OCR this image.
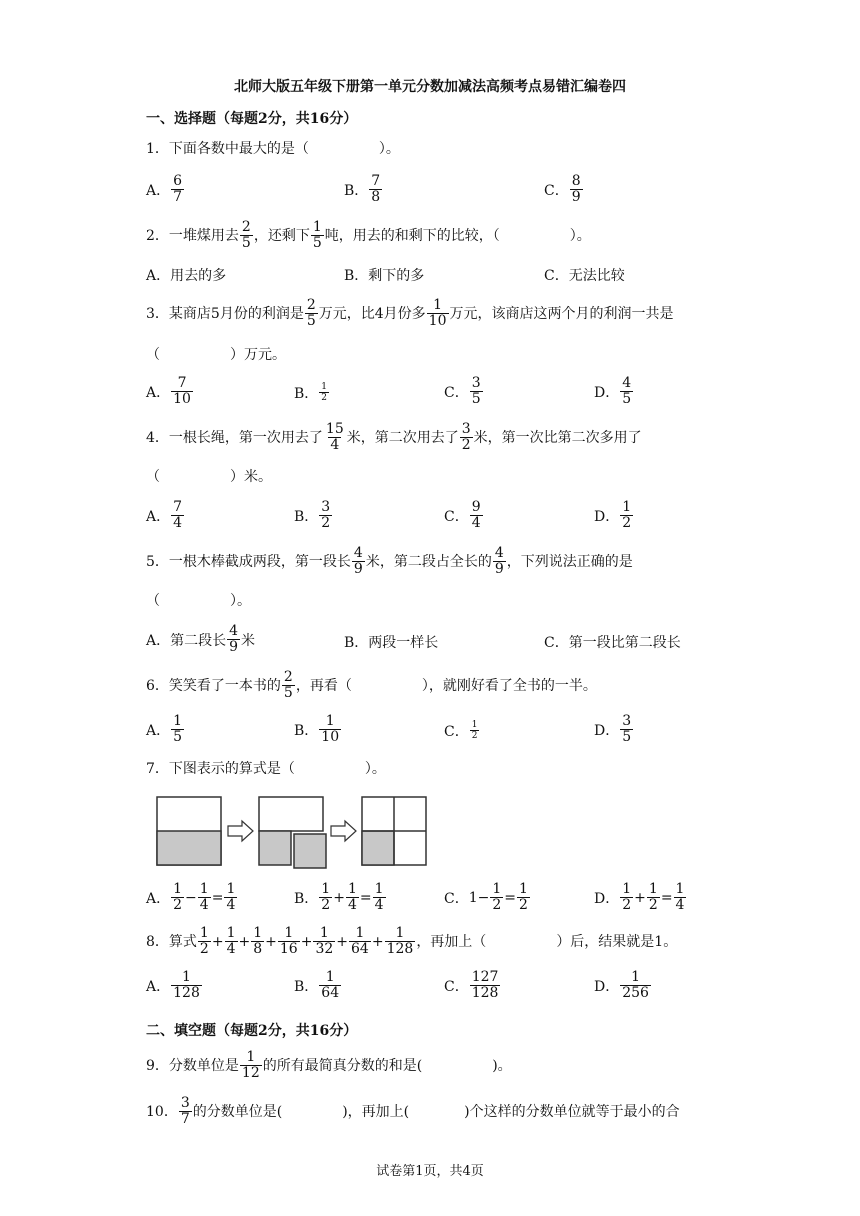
北师大版五年级下册第一单元分数加减法高频考点易错汇编卷四
一、选择题（每题2分，共16分）
1．下面各数中最大的是（	）。
A． $\frac{6}{7}$	B． $\frac{7}{8}$	C． $\frac{8}{9}$
2．一堆煤用去 $\frac{2}{5}$ ，还剩下 $\frac{1}{5}$ 吨，用去的和剩下的比较，（	）。
A．用去的多	B．剩下的多	C．无法比较
3．某商店5月份的利润是 $\frac{2}{5}$ 万元，比4月份多 $\frac{1}{10}$ 万元，该商店这两个月的利润一共是
（	）万元。
A． $\frac{7}{10}$	B． $\frac{1}{2}$	C． $\frac{3}{5}$	D． $\frac{4}{5}$
4．一根长绳，第一次用去了 $\frac{15}{4}$ 米，第二次用去了 $\frac{3}{2}$ 米，第一次比第二次多用了
（	）米。
A． $\frac{7}{4}$	B． $\frac{3}{2}$	C． $\frac{9}{4}$	D． $\frac{1}{2}$
5．一根木棒截成两段，第一段长 $\frac{4}{9}$ 米，第二段占全长的 $\frac{4}{9}$ ，下列说法正确的是
（	）。
A．第二段长 $\frac{4}{9}$ 米	B．两段一样长	C．第一段比第二段长
6．笑笑看了一本书的 $\frac{2}{5}$ ，再看（	），就刚好看了全书的一半。
A． $\frac{1}{5}$	B． $\frac{1}{10}$	C． $\frac{1}{2}$	D． $\frac{3}{5}$
7．下图表示的算式是（	）。
A． $\frac{1}{2} - \frac{1}{4} = \frac{1}{4}$	B． $\frac{1}{2} + \frac{1}{4} = \frac{1}{4}$	C． $1 - \frac{1}{2} = \frac{1}{2}$	D． $\frac{1}{2} + \frac{1}{2} = \frac{1}{4}$
8．算式 $\frac{1}{2} + \frac{1}{4} + \frac{1}{8} + \frac{1}{16} + \frac{1}{32} + \frac{1}{64} + \frac{1}{128}$ ，再加上（	）后，结果就是1。
A． $\frac{1}{128}$	B． $\frac{1}{64}$	C． $\frac{127}{128}$	D． $\frac{1}{256}$
二、填空题（每题2分，共16分）
9．分数单位是 $\frac{1}{12}$ 的所有最简真分数的和是(	)。
10． $\frac{3}{7}$ 的分数单位是(	)，再加上(	)个这样的分数单位就等于最小的合
试卷第1页，共4页
